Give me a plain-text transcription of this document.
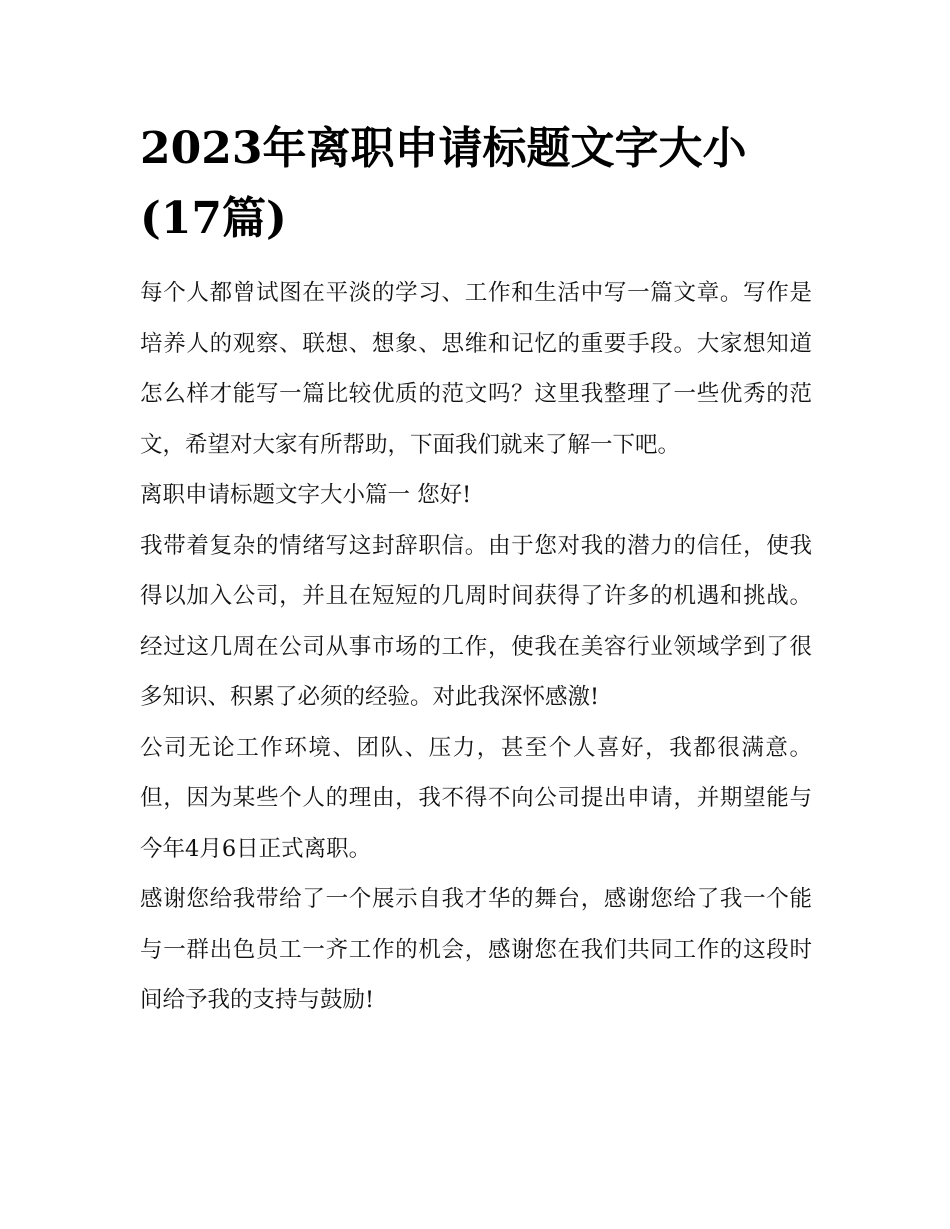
2023年离职申请标题文字大小(17篇)

每个人都曾试图在平淡的学习、工作和生活中写一篇文章。写作是培养人的观察、联想、想象、思维和记忆的重要手段。大家想知道怎么样才能写一篇比较优质的范文吗？这里我整理了一些优秀的范文，希望对大家有所帮助，下面我们就来了解一下吧。

离职申请标题文字大小篇一 您好!

我带着复杂的情绪写这封辞职信。由于您对我的潜力的信任，使我得以加入公司，并且在短短的几周时间获得了许多的机遇和挑战。经过这几周在公司从事市场的工作，使我在美容行业领域学到了很多知识、积累了必须的经验。对此我深怀感激!

公司无论工作环境、团队、压力，甚至个人喜好，我都很满意。但，因为某些个人的理由，我不得不向公司提出申请，并期望能与今年4月6日正式离职。

感谢您给我带给了一个展示自我才华的舞台，感谢您给了我一个能与一群出色员工一齐工作的机会，感谢您在我们共同工作的这段时间给予我的支持与鼓励!
